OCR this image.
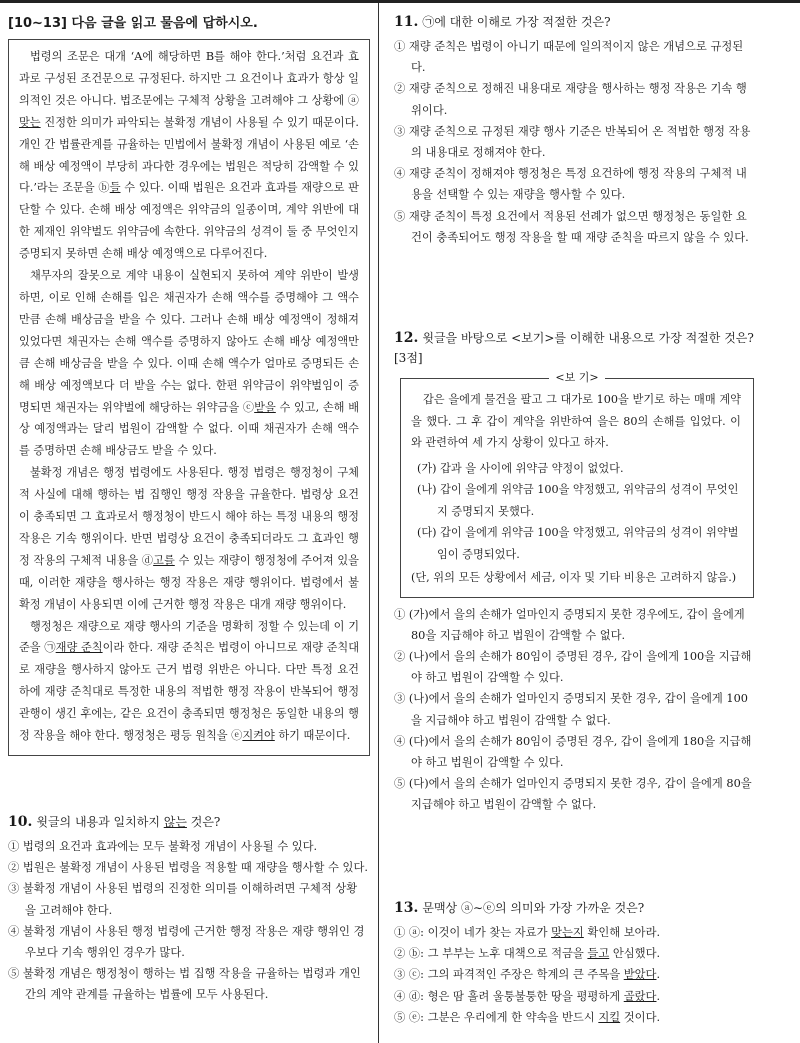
[10∼13] 다음 글을 읽고 물음에 답하시오.

법령의 조문은 대개 ‘A에 해당하면 B를 해야 한다.’처럼 요건과 효과로 구성된 조건문으로 규정된다. 하지만 그 요건이나 효과가 항상 일의적인 것은 아니다. 법조문에는 구체적 상황을 고려해야 그 상황에 ⓐ맞는 진정한 의미가 파악되는 불확정 개념이 사용될 수 있기 때문이다. 개인 간 법률관계를 규율하는 민법에서 불확정 개념이 사용된 예로 ‘손해 배상 예정액이 부당히 과다한 경우에는 법원은 적당히 감액할 수 있다.’라는 조문을 ⓑ들 수 있다. 이때 법원은 요건과 효과를 재량으로 판단할 수 있다. 손해 배상 예정액은 위약금의 일종이며, 계약 위반에 대한 제재인 위약벌도 위약금에 속한다. 위약금의 성격이 둘 중 무엇인지 증명되지 못하면 손해 배상 예정액으로 다루어진다.

채무자의 잘못으로 계약 내용이 실현되지 못하여 계약 위반이 발생하면, 이로 인해 손해를 입은 채권자가 손해 액수를 증명해야 그 액수만큼 손해 배상금을 받을 수 있다. 그러나 손해 배상 예정액이 정해져 있었다면 채권자는 손해 액수를 증명하지 않아도 손해 배상 예정액만큼 손해 배상금을 받을 수 있다. 이때 손해 액수가 얼마로 증명되든 손해 배상 예정액보다 더 받을 수는 없다. 한편 위약금이 위약벌임이 증명되면 채권자는 위약벌에 해당하는 위약금을 ⓒ받을 수 있고, 손해 배상 예정액과는 달리 법원이 감액할 수 없다. 이때 채권자가 손해 액수를 증명하면 손해 배상금도 받을 수 있다.

불확정 개념은 행정 법령에도 사용된다. 행정 법령은 행정청이 구체적 사실에 대해 행하는 법 집행인 행정 작용을 규율한다. 법령상 요건이 충족되면 그 효과로서 행정청이 반드시 해야 하는 특정 내용의 행정 작용은 기속 행위이다. 반면 법령상 요건이 충족되더라도 그 효과인 행정 작용의 구체적 내용을 ⓓ고를 수 있는 재량이 행정청에 주어져 있을 때, 이러한 재량을 행사하는 행정 작용은 재량 행위이다. 법령에서 불확정 개념이 사용되면 이에 근거한 행정 작용은 대개 재량 행위이다.

행정청은 재량으로 재량 행사의 기준을 명확히 정할 수 있는데 이 기준을 ㉠재량 준칙이라 한다. 재량 준칙은 법령이 아니므로 재량 준칙대로 재량을 행사하지 않아도 근거 법령 위반은 아니다. 다만 특정 요건하에 재량 준칙대로 특정한 내용의 적법한 행정 작용이 반복되어 행정 관행이 생긴 후에는, 같은 요건이 충족되면 행정청은 동일한 내용의 행정 작용을 해야 한다. 행정청은 평등 원칙을 ⓔ지켜야 하기 때문이다.

10. 윗글의 내용과 일치하지 않는 것은?
① 법령의 요건과 효과에는 모두 불확정 개념이 사용될 수 있다.
② 법원은 불확정 개념이 사용된 법령을 적용할 때 재량을 행사할 수 있다.
③ 불확정 개념이 사용된 법령의 진정한 의미를 이해하려면 구체적 상황을 고려해야 한다.
④ 불확정 개념이 사용된 행정 법령에 근거한 행정 작용은 재량 행위인 경우보다 기속 행위인 경우가 많다.
⑤ 불확정 개념은 행정청이 행하는 법 집행 작용을 규율하는 법령과 개인 간의 계약 관계를 규율하는 법률에 모두 사용된다.
11. ㉠에 대한 이해로 가장 적절한 것은?
① 재량 준칙은 법령이 아니기 때문에 일의적이지 않은 개념으로 규정된다.
② 재량 준칙으로 정해진 내용대로 재량을 행사하는 행정 작용은 기속 행위이다.
③ 재량 준칙으로 규정된 재량 행사 기준은 반복되어 온 적법한 행정 작용의 내용대로 정해져야 한다.
④ 재량 준칙이 정해져야 행정청은 특정 요건하에 행정 작용의 구체적 내용을 선택할 수 있는 재량을 행사할 수 있다.
⑤ 재량 준칙이 특정 요건에서 적용된 선례가 없으면 행정청은 동일한 요건이 충족되어도 행정 작용을 할 때 재량 준칙을 따르지 않을 수 있다.
12. 윗글을 바탕으로 <보기>를 이해한 내용으로 가장 적절한 것은? [3점]
<보 기>

갑은 을에게 물건을 팔고 그 대가로 100을 받기로 하는 매매 계약을 했다. 그 후 갑이 계약을 위반하여 을은 80의 손해를 입었다. 이와 관련하여 세 가지 상황이 있다고 하자.

(가) 갑과 을 사이에 위약금 약정이 없었다.
(나) 갑이 을에게 위약금 100을 약정했고, 위약금의 성격이 무엇인지 증명되지 못했다.
(다) 갑이 을에게 위약금 100을 약정했고, 위약금의 성격이 위약벌임이 증명되었다.

(단, 위의 모든 상황에서 세금, 이자 및 기타 비용은 고려하지 않음.)

① (가)에서 을의 손해가 얼마인지 증명되지 못한 경우에도, 갑이 을에게 80을 지급해야 하고 법원이 감액할 수 없다.
② (나)에서 을의 손해가 80임이 증명된 경우, 갑이 을에게 100을 지급해야 하고 법원이 감액할 수 있다.
③ (나)에서 을의 손해가 얼마인지 증명되지 못한 경우, 갑이 을에게 100을 지급해야 하고 법원이 감액할 수 없다.
④ (다)에서 을의 손해가 80임이 증명된 경우, 갑이 을에게 180을 지급해야 하고 법원이 감액할 수 있다.
⑤ (다)에서 을의 손해가 얼마인지 증명되지 못한 경우, 갑이 을에게 80을 지급해야 하고 법원이 감액할 수 없다.
13. 문맥상 ⓐ∼ⓔ의 의미와 가장 가까운 것은?
① ⓐ: 이것이 네가 찾는 자료가 맞는지 확인해 보아라.
② ⓑ: 그 부부는 노후 대책으로 적금을 들고 안심했다.
③ ⓒ: 그의 파격적인 주장은 학계의 큰 주목을 받았다.
④ ⓓ: 형은 땀 흘려 울퉁불퉁한 땅을 평평하게 골랐다.
⑤ ⓔ: 그분은 우리에게 한 약속을 반드시 지킬 것이다.
